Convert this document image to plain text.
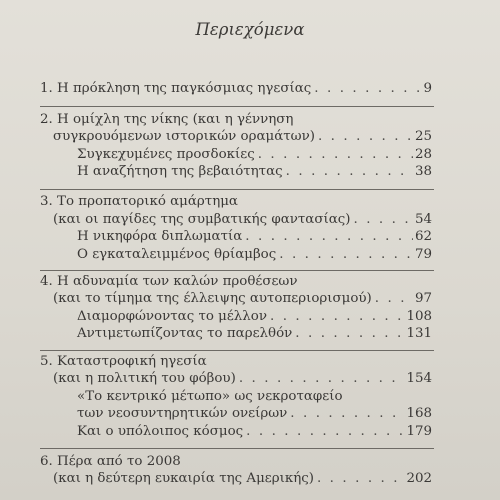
Περιεχόμενα
1. Η πρόκληση της παγκόσμιας ηγεσίας . . .	9
2. Η ομίχλη της νίκης (και η γέννηση
συγκρουόμενων ιστορικών οραμάτων) . . .	25
Συγκεχυμένες προσδοκίες . . .	28
Η αναζήτηση της βεβαιότητας . . .	38
3. Το προπατορικό αμάρτημα
(και οι παγίδες της συμβατικής φαντασίας) . . .	54
Η νικηφόρα διπλωματία . . .	62
Ο εγκαταλειμμένος θρίαμβος . . .	79
4. Η αδυναμία των καλών προθέσεων
(και το τίμημα της έλλειψης αυτοπεριορισμού) . . .	97
Διαμορφώνοντας το μέλλον . . .	108
Αντιμετωπίζοντας το παρελθόν . . .	131
5. Καταστροφική ηγεσία
(και η πολιτική του φόβου) . . .	154
«Το κεντρικό μέτωπο» ως νεκροταφείο
των νεοσυντηρητικών ονείρων . . .	168
Και ο υπόλοιπος κόσμος . . .	179
6. Πέρα από το 2008
(και η δεύτερη ευκαιρία της Αμερικής) . . .	202
